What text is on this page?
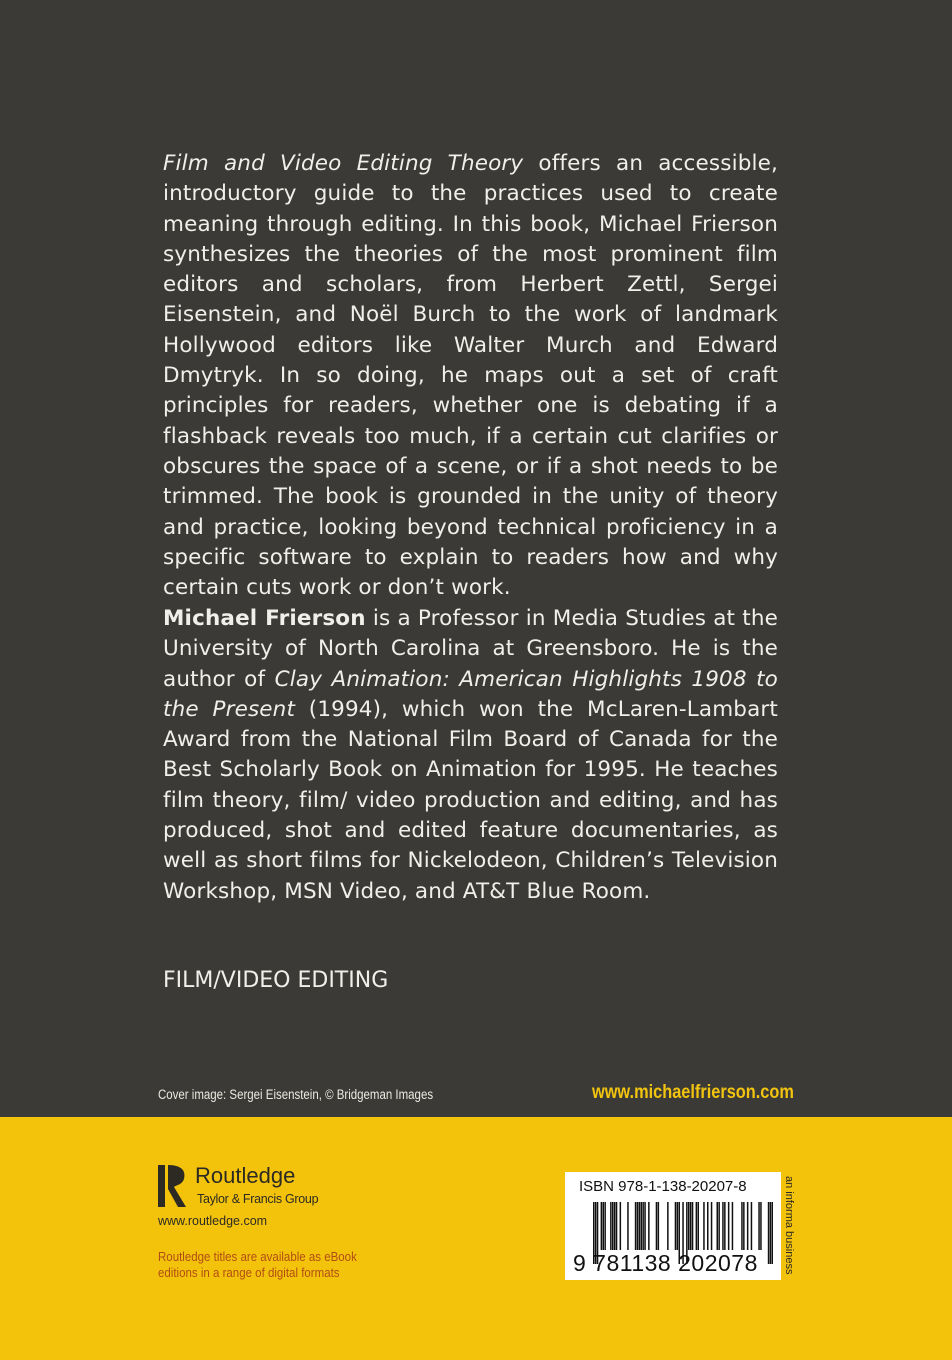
Film and Video Editing Theory offers an accessible, introductory guide to the practices used to create meaning through editing. In this book, Michael Frierson synthesizes the theories of the most prominent film editors and scholars, from Herbert Zettl, Sergei Eisenstein, and Noël Burch to the work of landmark Hollywood editors like Walter Murch and Edward Dmytryk. In so doing, he maps out a set of craft principles for readers, whether one is debating if a flashback reveals too much, if a certain cut clarifies or obscures the space of a scene, or if a shot needs to be trimmed. The book is grounded in the unity of theory and practice, looking beyond technical proficiency in a specific software to explain to readers how and why certain cuts work or don’t work.

Michael Frierson is a Professor in Media Studies at the University of North Carolina at Greensboro. He is the author of Clay Animation: American Highlights 1908 to the Present (1994), which won the McLaren-Lambart Award from the National Film Board of Canada for the Best Scholarly Book on Animation for 1995. He teaches film theory, film/ video production and editing, and has produced, shot and edited feature documentaries, as well as short films for Nickelodeon, Children’s Television Workshop, MSN Video, and AT&T Blue Room.

FILM/VIDEO EDITING
Cover image: Sergei Eisenstein, © Bridgeman Images	www.michaelfrierson.com
Routledge
Taylor & Francis Group
www.routledge.com
Routledge titles are available as eBook
editions in a range of digital formats
ISBN 978-1-138-20207-8
9 781138 202078 an informa business
